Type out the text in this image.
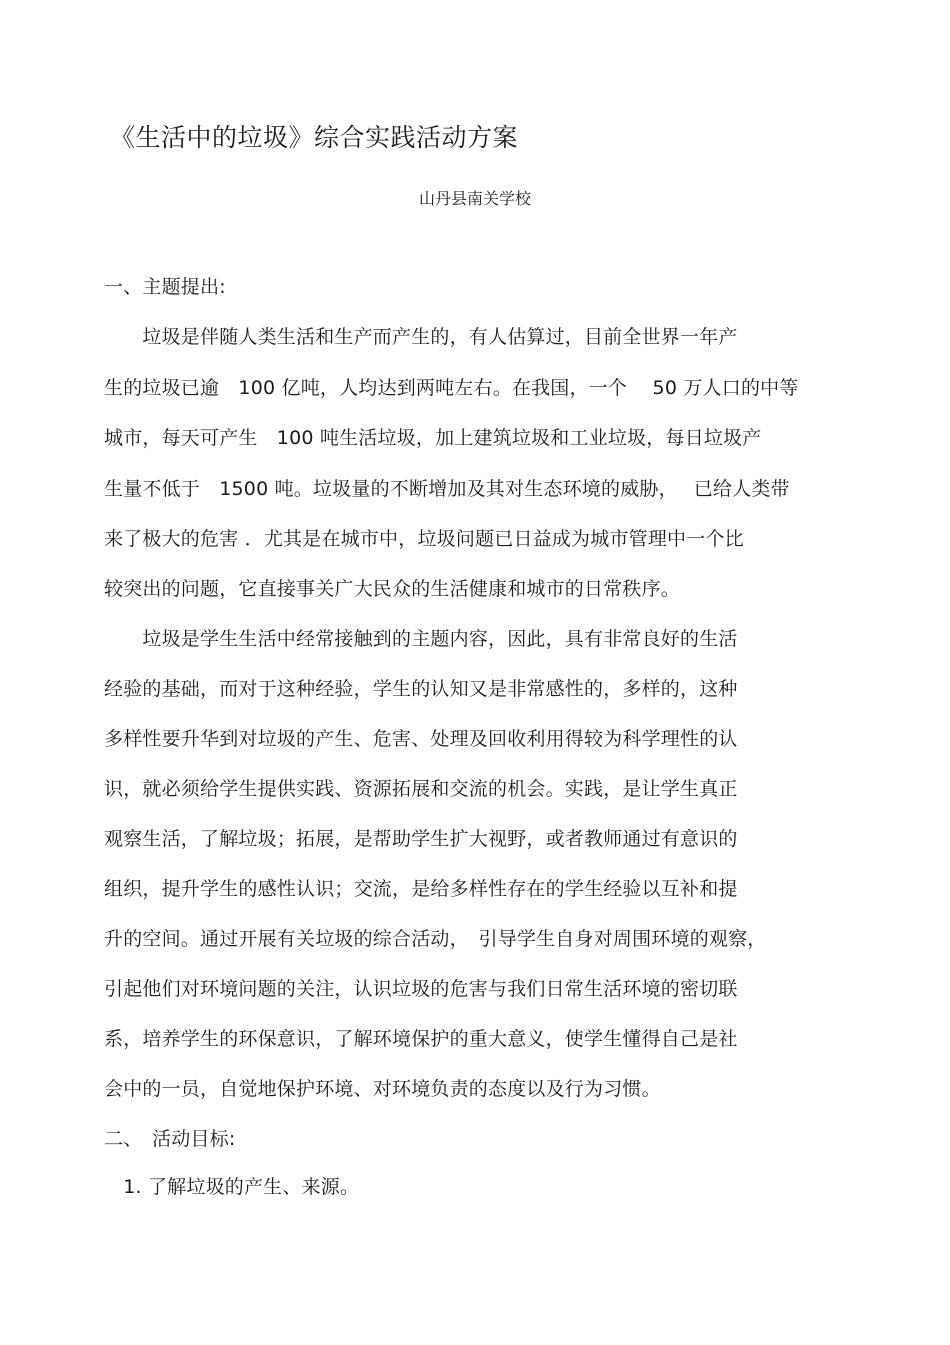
《生活中的垃圾》综合实践活动方案
山丹县南关学校
一、主题提出:
　　垃圾是伴随人类生活和生产而产生的，有人估算过，目前全世界一年产
生的垃圾已逾　100 亿吨，人均达到两吨左右。在我国，一个　 50 万人口的中等
城市，每天可产生　100 吨生活垃圾，加上建筑垃圾和工业垃圾，每日垃圾产
生量不低于　1500 吨。垃圾量的不断增加及其对生态环境的威胁，　 已给人类带
来了极大的危害 ．尤其是在城市中，垃圾问题已日益成为城市管理中一个比
较突出的问题，它直接事关广大民众的生活健康和城市的日常秩序。
　　垃圾是学生生活中经常接触到的主题内容，因此，具有非常良好的生活
经验的基础，而对于这种经验，学生的认知又是非常感性的，多样的，这种
多样性要升华到对垃圾的产生、危害、处理及回收利用得较为科学理性的认
识，就必须给学生提供实践、资源拓展和交流的机会。实践，是让学生真正
观察生活，了解垃圾；拓展，是帮助学生扩大视野，或者教师通过有意识的
组织，提升学生的感性认识；交流，是给多样性存在的学生经验以互补和提
升的空间。通过开展有关垃圾的综合活动，　引导学生自身对周围环境的观察，
引起他们对环境问题的关注，认识垃圾的危害与我们日常生活环境的密切联
系，培养学生的环保意识，了解环境保护的重大意义，使学生懂得自己是社
会中的一员，自觉地保护环境、对环境负责的态度以及行为习惯。
二、　活动目标:
　1. 了解垃圾的产生、来源。
